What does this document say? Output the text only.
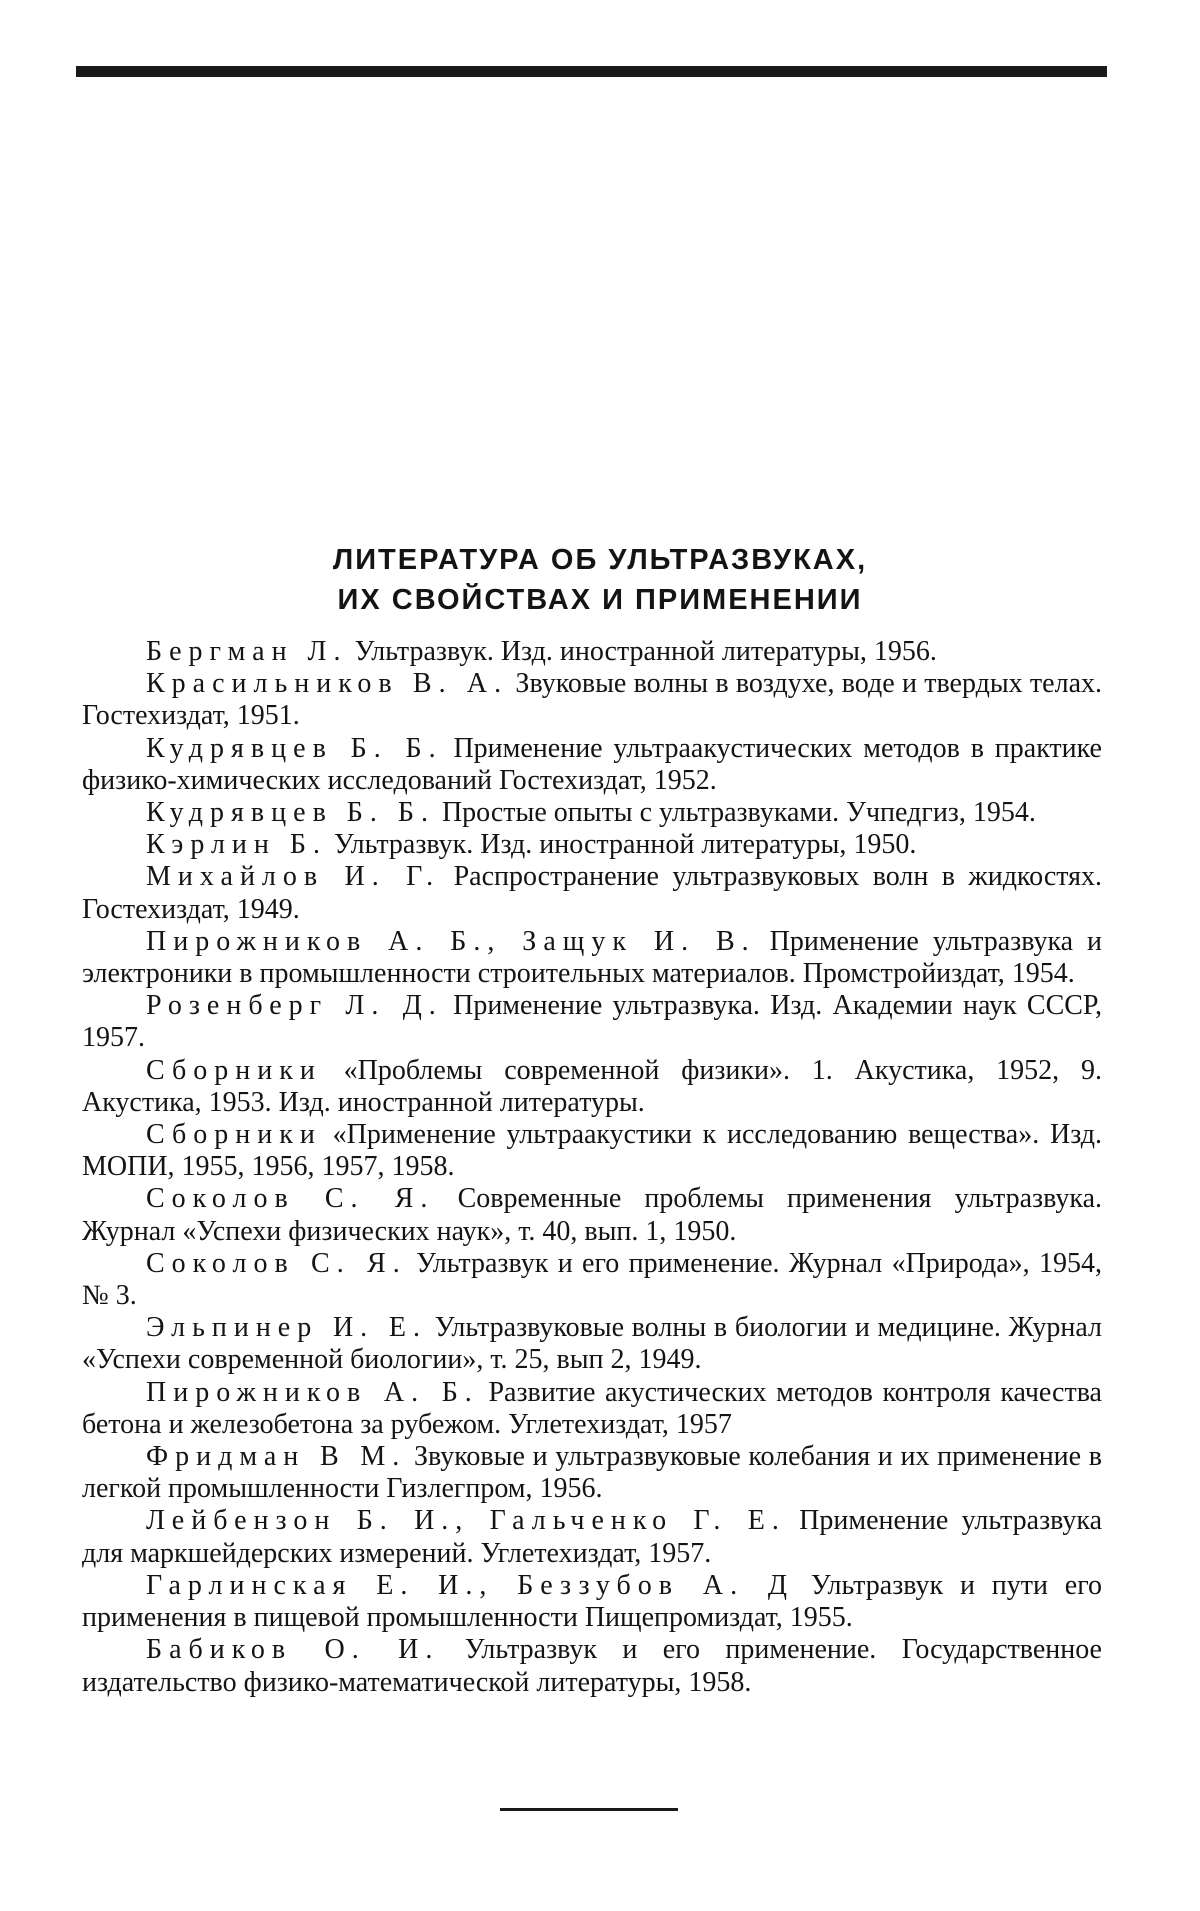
ЛИТЕРАТУРА ОБ УЛЬТРАЗВУКАХ,
ИХ СВОЙСТВАХ И ПРИМЕНЕНИИ

Бергман Л. Ультразвук. Изд. иностранной литературы, 1956.

Красильников В. А. Звуковые волны в воздухе, воде и твердых телах. Гостехиздат, 1951.

Кудрявцев Б. Б. Применение ультраакустических методов в практике физико-химических исследований Гостехиздат, 1952.

Кудрявцев Б. Б. Простые опыты с ультразвуками. Учпедгиз, 1954.

Кэрлин Б. Ультразвук. Изд. иностранной литературы, 1950.

Михайлов И. Г. Распространение ультразвуковых волн в жидкостях. Гостехиздат, 1949.

Пирожников А. Б., Защук И. В. Применение ультразвука и электроники в промышленности строительных материалов. Промстройиздат, 1954.

Розенберг Л. Д. Применение ультразвука. Изд. Академии наук СССР, 1957.

Сборники «Проблемы современной физики». 1. Акустика, 1952, 9. Акустика, 1953. Изд. иностранной литературы.

Сборники «Применение ультраакустики к исследованию вещества». Изд. МОПИ, 1955, 1956, 1957, 1958.

Соколов С. Я. Современные проблемы применения ультразвука. Журнал «Успехи физических наук», т. 40, вып. 1, 1950.

Соколов С. Я. Ультразвук и его применение. Журнал «Природа», 1954, № 3.

Эльпинер И. Е. Ультразвуковые волны в биологии и медицине. Журнал «Успехи современной биологии», т. 25, вып 2, 1949.

Пирожников А. Б. Развитие акустических методов контроля качества бетона и железобетона за рубежом. Углетехиздат, 1957

Фридман В М. Звуковые и ультразвуковые колебания и их применение в легкой промышленности Гизлегпром, 1956.

Лейбензон Б. И., Гальченко Г. Е. Применение ультразвука для маркшейдерских измерений. Углетехиздат, 1957.

Гарлинская Е. И., Беззубов А. Д Ультразвук и пути его применения в пищевой промышленности Пищепромиздат, 1955.

Бабиков О. И. Ультразвук и его применение. Государственное издательство физико-математической литературы, 1958.
